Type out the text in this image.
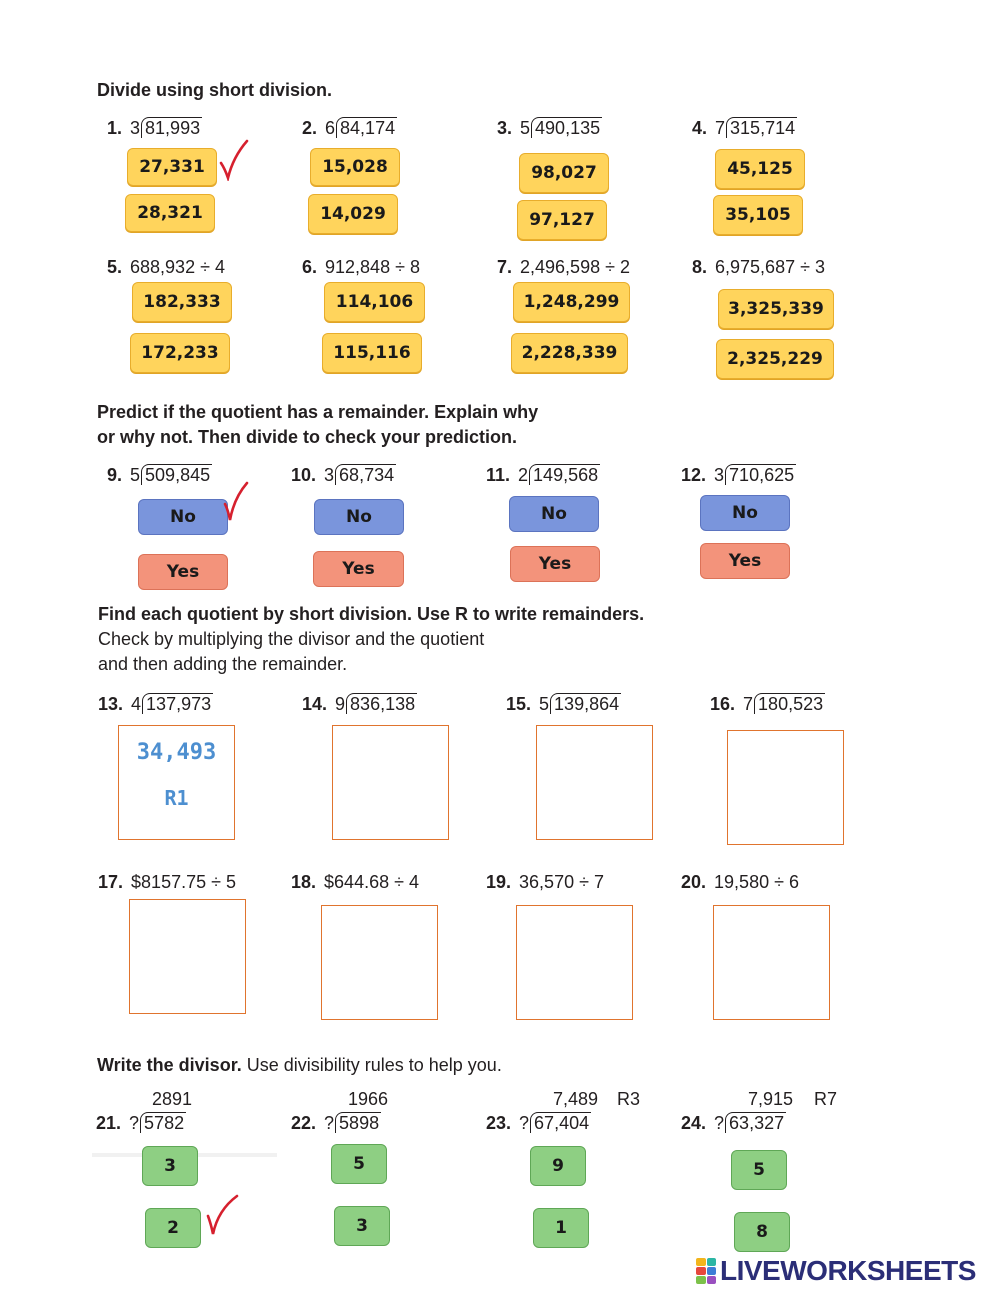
Divide using short division.
1. 3 81,993	2. 6 84,174	3. 5 490,135	4. 7 315,714
27,331
28,321
15,028
14,029
98,027
97,127
45,125
35,105
5. 688,932 ÷ 4	6. 912,848 ÷ 8	7. 2,496,598 ÷ 2	8. 6,975,687 ÷ 3
182,333
172,233
114,106
115,116
1,248,299
2,228,339
3,325,339
2,325,229
Predict if the quotient has a remainder. Explain why
or why not. Then divide to check your prediction.
9. 5 509,845	10. 3 68,734	11. 2 149,568	12. 3 710,625
No
Yes
No
Yes
No
Yes
No
Yes
Find each quotient by short division. Use R to write remainders.
Check by multiplying the divisor and the quotient
and then adding the remainder.
13. 4 137,973	14. 9 836,138	15. 5 139,864	16. 7 180,523
34,493
R1
17. $8157.75 ÷ 5	18. $644.68 ÷ 4	19. 36,570 ÷ 7	20. 19,580 ÷ 6
Write the divisor. Use divisibility rules to help you.
2891	1966	7,489 R3	7,915 R7
21. ? 5782	22. ? 5898	23. ? 67,404	24. ? 63,327
3
2
5
3
9
1
5
8
LIVEWORKSHEETS
